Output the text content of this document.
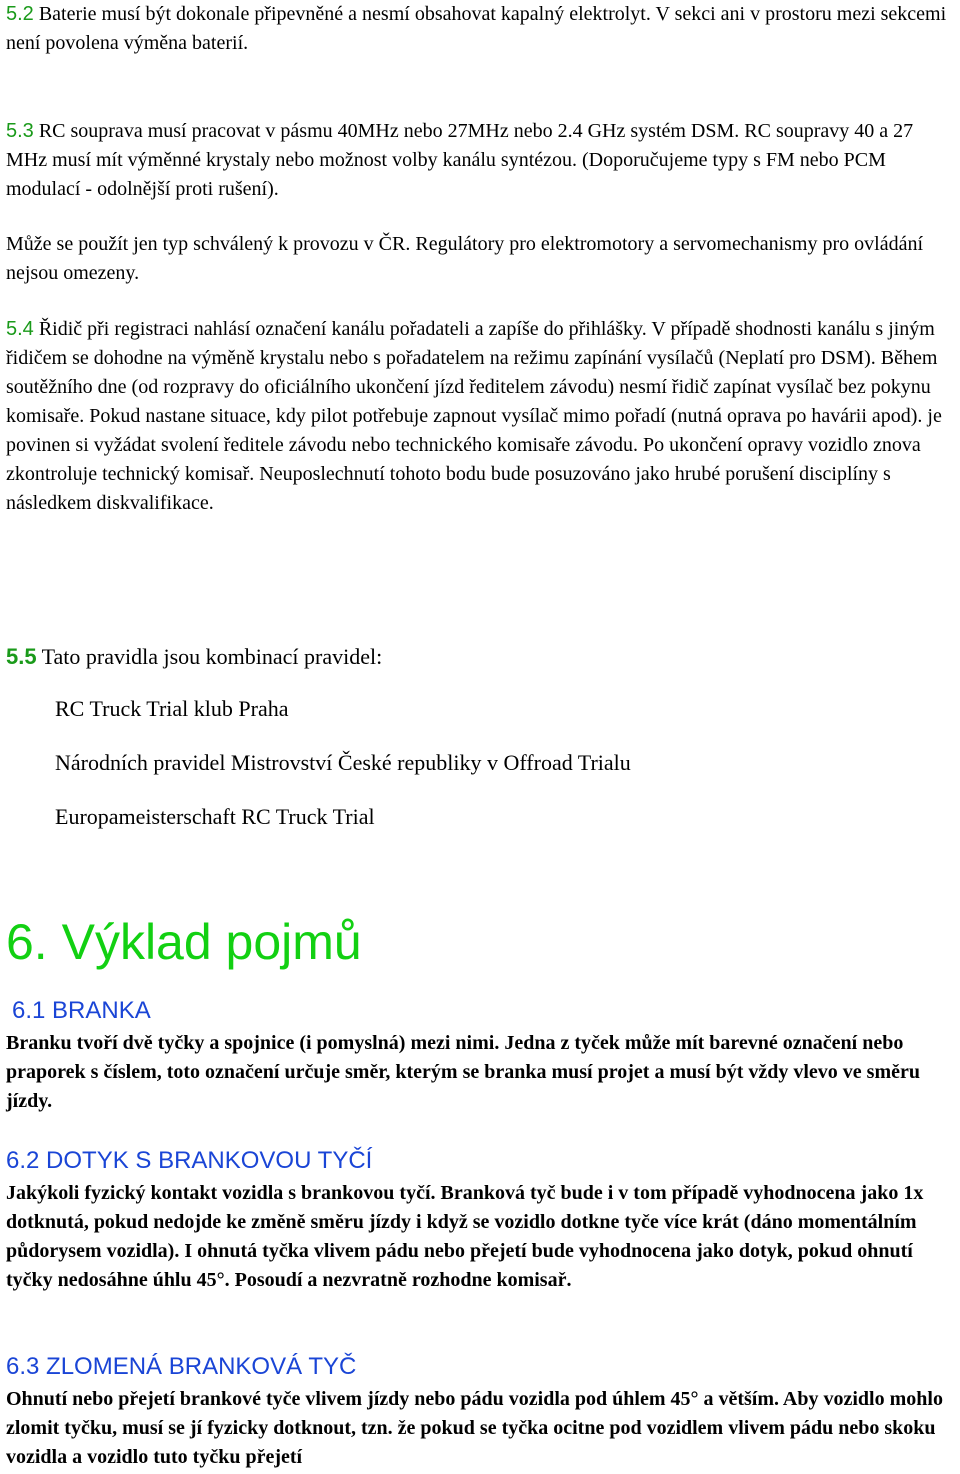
5.2 Baterie musí být dokonale připevněné a nesmí obsahovat kapalný elektrolyt. V sekci ani v prostoru mezi sekcemi není povolena výměna baterií.

5.3 RC souprava musí pracovat v pásmu 40MHz nebo 27MHz nebo 2.4 GHz systém DSM. RC soupravy 40 a 27 MHz musí mít výměnné krystaly nebo možnost volby kanálu syntézou. (Doporučujeme typy s FM nebo PCM modulací - odolnější proti rušení).

Může se použít jen typ schválený k provozu v ČR. Regulátory pro elektromotory a servomechanismy pro ovládání nejsou omezeny.

5.4 Řidič při registraci nahlásí označení kanálu pořadateli a zapíše do přihlášky. V případě shodnosti kanálu s jiným řidičem se dohodne na výměně krystalu nebo s pořadatelem na režimu zapínání vysílačů (Neplatí pro DSM). Během soutěžního dne (od rozpravy do oficiálního ukončení jízd ředitelem závodu) nesmí řidič zapínat vysílač bez pokynu komisaře. Pokud nastane situace, kdy pilot potřebuje zapnout vysílač mimo pořadí (nutná oprava po havárii apod). je povinen si vyžádat svolení ředitele závodu nebo technického komisaře závodu. Po ukončení opravy vozidlo znova zkontroluje technický komisař. Neuposlechnutí tohoto bodu bude posuzováno jako hrubé porušení disciplíny s následkem diskvalifikace.

5.5 Tato pravidla jsou kombinací pravidel:

RC Truck Trial klub Praha

Národních pravidel Mistrovství České republiky v Offroad Trialu

Europameisterschaft RC Truck Trial

6. Výklad pojmů
6.1 BRANKA

Branku tvoří dvě tyčky a spojnice (i pomyslná) mezi nimi. Jedna z tyček může mít barevné označení nebo praporek s číslem, toto označení určuje směr, kterým se branka musí projet a musí být vždy vlevo ve směru jízdy.

6.2 DOTYK S BRANKOVOU TYČÍ

Jakýkoli fyzický kontakt vozidla s brankovou tyčí. Branková tyč bude i v tom případě vyhodnocena jako 1x dotknutá, pokud nedojde ke změně směru jízdy i když se vozidlo dotkne tyče více krát (dáno momentálním půdorysem vozidla). I ohnutá tyčka vlivem pádu nebo přejetí bude vyhodnocena jako dotyk, pokud ohnutí tyčky nedosáhne úhlu 45°. Posoudí a nezvratně rozhodne komisař.

6.3 ZLOMENÁ BRANKOVÁ TYČ

Ohnutí nebo přejetí brankové tyče vlivem jízdy nebo pádu vozidla pod úhlem 45° a větším. Aby vozidlo mohlo zlomit tyčku, musí se jí fyzicky dotknout, tzn. že pokud se tyčka ocitne pod vozidlem vlivem pádu nebo skoku vozidla a vozidlo tuto tyčku přejetí
